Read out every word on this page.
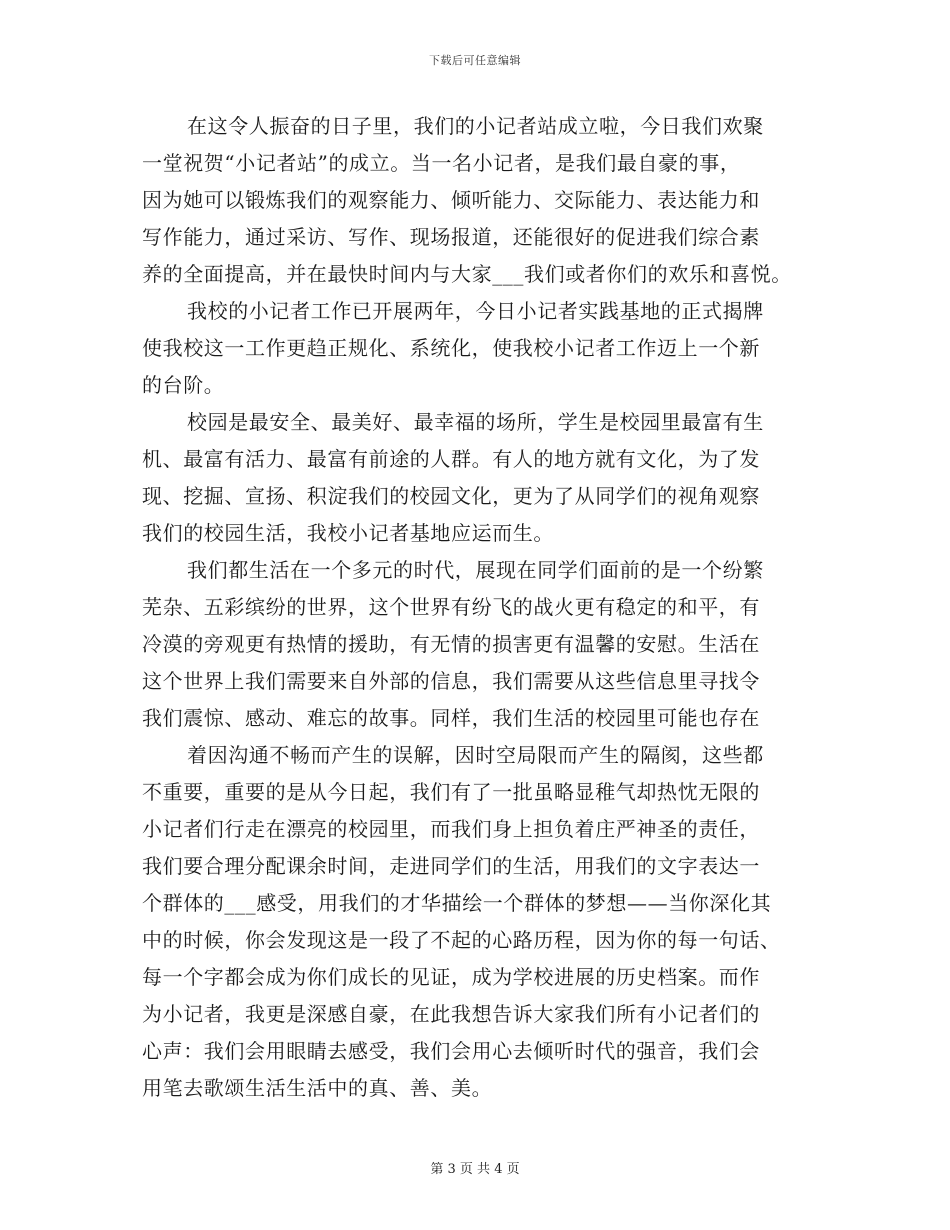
下载后可任意编辑
在这令人振奋的日子里，我们的小记者站成立啦，今日我们欢聚
一堂祝贺“小记者站”的成立。当一名小记者，是我们最自豪的事，
因为她可以锻炼我们的观察能力、倾听能力、交际能力、表达能力和
写作能力，通过采访、写作、现场报道，还能很好的促进我们综合素
养的全面提高，并在最快时间内与大家___我们或者你们的欢乐和喜悦。
我校的小记者工作已开展两年，今日小记者实践基地的正式揭牌
使我校这一工作更趋正规化、系统化，使我校小记者工作迈上一个新
的台阶。
校园是最安全、最美好、最幸福的场所，学生是校园里最富有生
机、最富有活力、最富有前途的人群。有人的地方就有文化，为了发
现、挖掘、宣扬、积淀我们的校园文化，更为了从同学们的视角观察
我们的校园生活，我校小记者基地应运而生。
我们都生活在一个多元的时代，展现在同学们面前的是一个纷繁
芜杂、五彩缤纷的世界，这个世界有纷飞的战火更有稳定的和平，有
冷漠的旁观更有热情的援助，有无情的损害更有温馨的安慰。生活在
这个世界上我们需要来自外部的信息，我们需要从这些信息里寻找令
我们震惊、感动、难忘的故事。同样，我们生活的校园里可能也存在
着因沟通不畅而产生的误解，因时空局限而产生的隔阂，这些都
不重要，重要的是从今日起，我们有了一批虽略显稚气却热忱无限的
小记者们行走在漂亮的校园里，而我们身上担负着庄严神圣的责任，
我们要合理分配课余时间，走进同学们的生活，用我们的文字表达一
个群体的___感受，用我们的才华描绘一个群体的梦想——当你深化其
中的时候，你会发现这是一段了不起的心路历程，因为你的每一句话、
每一个字都会成为你们成长的见证，成为学校进展的历史档案。而作
为小记者，我更是深感自豪，在此我想告诉大家我们所有小记者们的
心声：我们会用眼睛去感受，我们会用心去倾听时代的强音，我们会
用笔去歌颂生活生活中的真、善、美。
第 3 页 共 4 页
